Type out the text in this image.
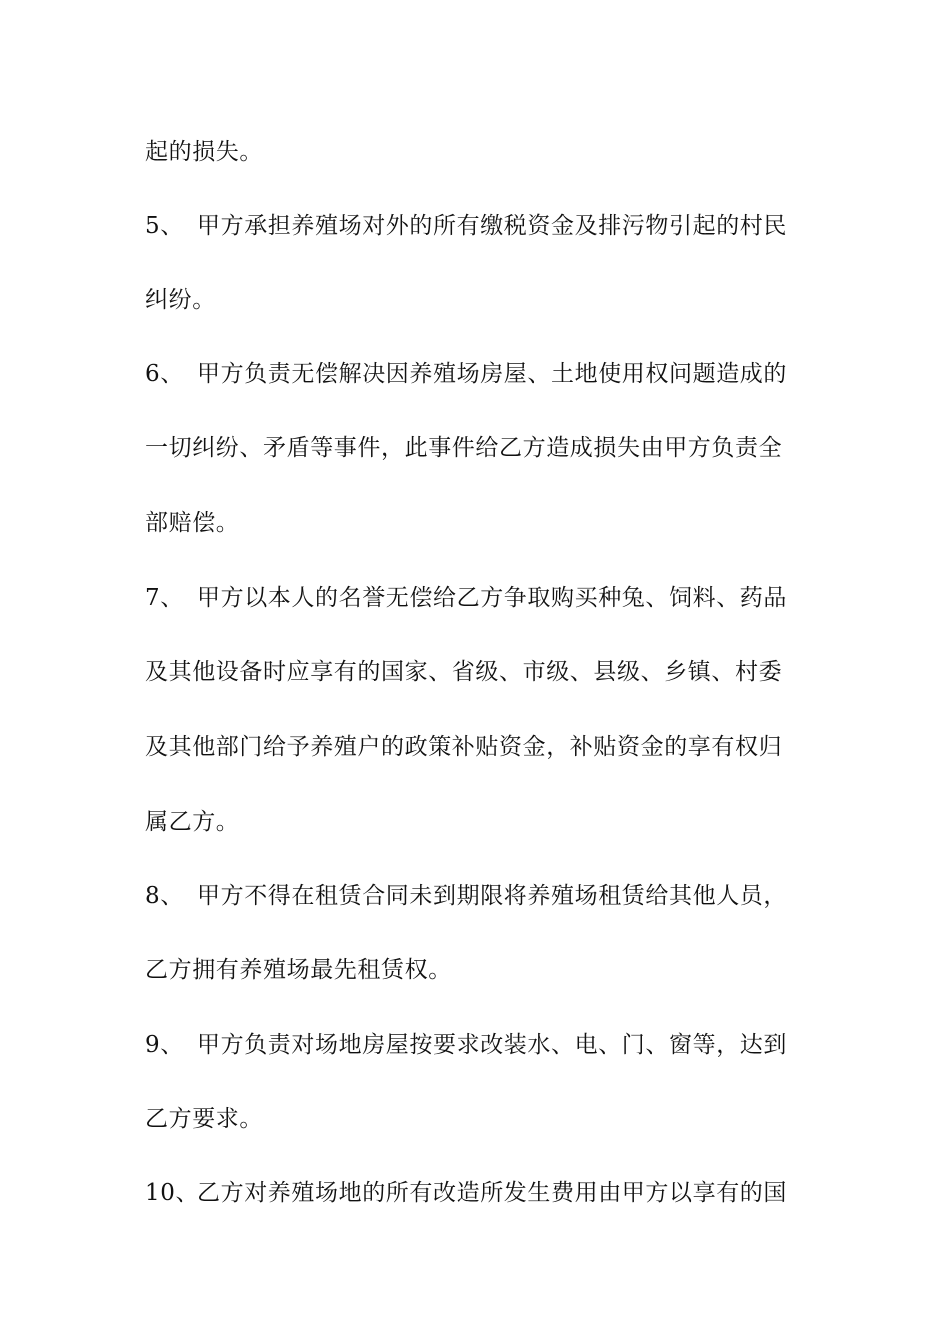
起的损失。
5、 甲方承担养殖场对外的所有缴税资金及排污物引起的村民
纠纷。
6、 甲方负责无偿解决因养殖场房屋、土地使用权问题造成的
一切纠纷、矛盾等事件，此事件给乙方造成损失由甲方负责全
部赔偿。
7、 甲方以本人的名誉无偿给乙方争取购买种兔、饲料、药品
及其他设备时应享有的国家、省级、市级、县级、乡镇、村委
及其他部门给予养殖户的政策补贴资金，补贴资金的享有权归
属乙方。
8、 甲方不得在租赁合同未到期限将养殖场租赁给其他人员，
乙方拥有养殖场最先租赁权。
9、 甲方负责对场地房屋按要求改装水、电、门、窗等，达到
乙方要求。
10、乙方对养殖场地的所有改造所发生费用由甲方以享有的国
